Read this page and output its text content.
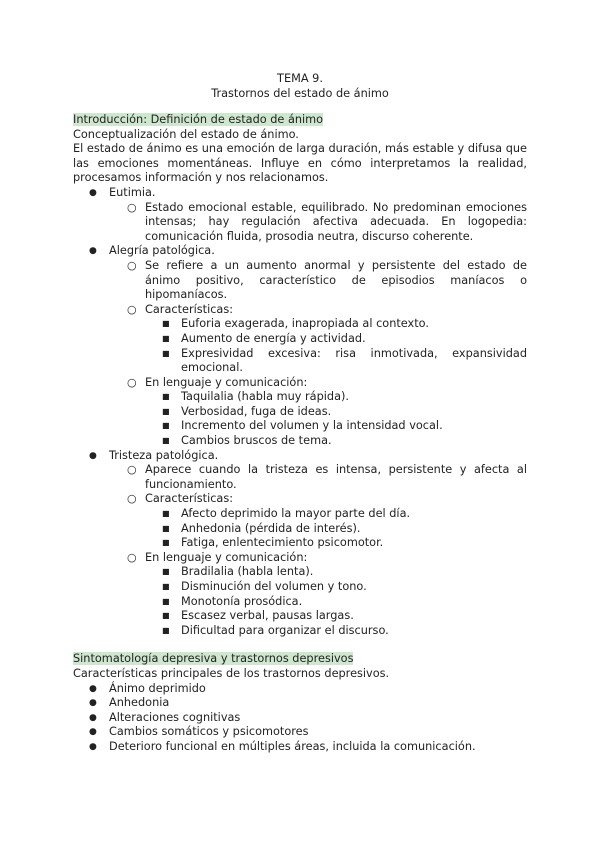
TEMA 9.
Trastornos del estado de ánimo

Introducción: Definición de estado de ánimo

Conceptualización del estado de ánimo.

El estado de ánimo es una emoción de larga duración, más estable y difusa que las emociones momentáneas. Influye en cómo interpretamos la realidad, procesamos información y nos relacionamos.

● Eutimia.
○ Estado emocional estable, equilibrado. No predominan emociones intensas; hay regulación afectiva adecuada. En logopedia: comunicación fluida, prosodia neutra, discurso coherente.
● Alegría patológica.
○ Se refiere a un aumento anormal y persistente del estado de ánimo positivo, característico de episodios maníacos o hipomaníacos.
○ Características:
■ Euforia exagerada, inapropiada al contexto.
■ Aumento de energía y actividad.
■ Expresividad excesiva: risa inmotivada, expansividad emocional.
○ En lenguaje y comunicación:
■ Taquilalia (habla muy rápida).
■ Verbosidad, fuga de ideas.
■ Incremento del volumen y la intensidad vocal.
■ Cambios bruscos de tema.
● Tristeza patológica.
○ Aparece cuando la tristeza es intensa, persistente y afecta al funcionamiento.
○ Características:
■ Afecto deprimido la mayor parte del día.
■ Anhedonia (pérdida de interés).
■ Fatiga, enlentecimiento psicomotor.
○ En lenguaje y comunicación:
■ Bradilalia (habla lenta).
■ Disminución del volumen y tono.
■ Monotonía prosódica.
■ Escasez verbal, pausas largas.
■ Dificultad para organizar el discurso.

Sintomatología depresiva y trastornos depresivos

Características principales de los trastornos depresivos.

● Ánimo deprimido
● Anhedonia
● Alteraciones cognitivas
● Cambios somáticos y psicomotores
● Deterioro funcional en múltiples áreas, incluida la comunicación.
